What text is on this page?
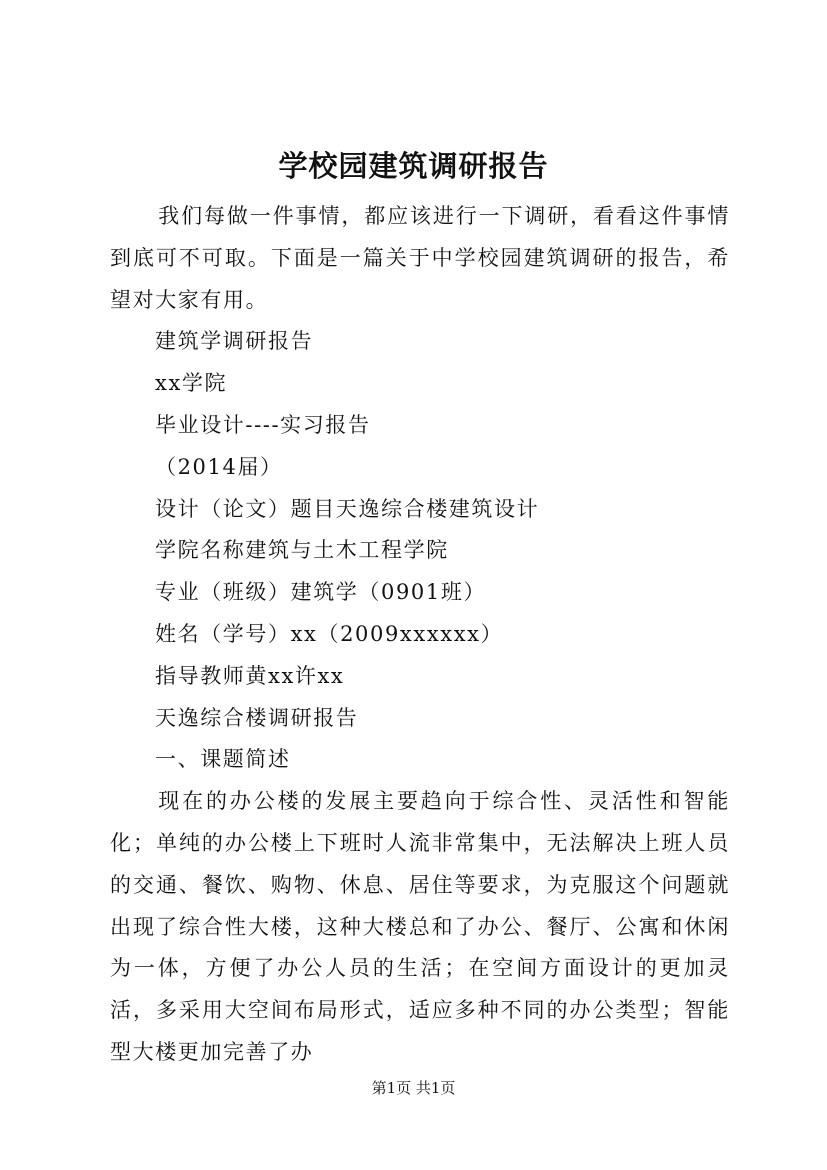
学校园建筑调研报告

我们每做一件事情，都应该进行一下调研，看看这件事情到底可不可取。下面是一篇关于中学校园建筑调研的报告，希望对大家有用。

建筑学调研报告

xx学院

毕业设计----实习报告

（2014届）

设计（论文）题目天逸综合楼建筑设计

学院名称建筑与土木工程学院

专业（班级）建筑学（0901班）

姓名（学号）xx（2009xxxxxx）

指导教师黄xx许xx

天逸综合楼调研报告

一、课题简述

现在的办公楼的发展主要趋向于综合性、灵活性和智能化；单纯的办公楼上下班时人流非常集中，无法解决上班人员的交通、餐饮、购物、休息、居住等要求，为克服这个问题就出现了综合性大楼，这种大楼总和了办公、餐厅、公寓和休闲为一体，方便了办公人员的生活；在空间方面设计的更加灵活，多采用大空间布局形式，适应多种不同的办公类型；智能型大楼更加完善了办

第1页 共1页
